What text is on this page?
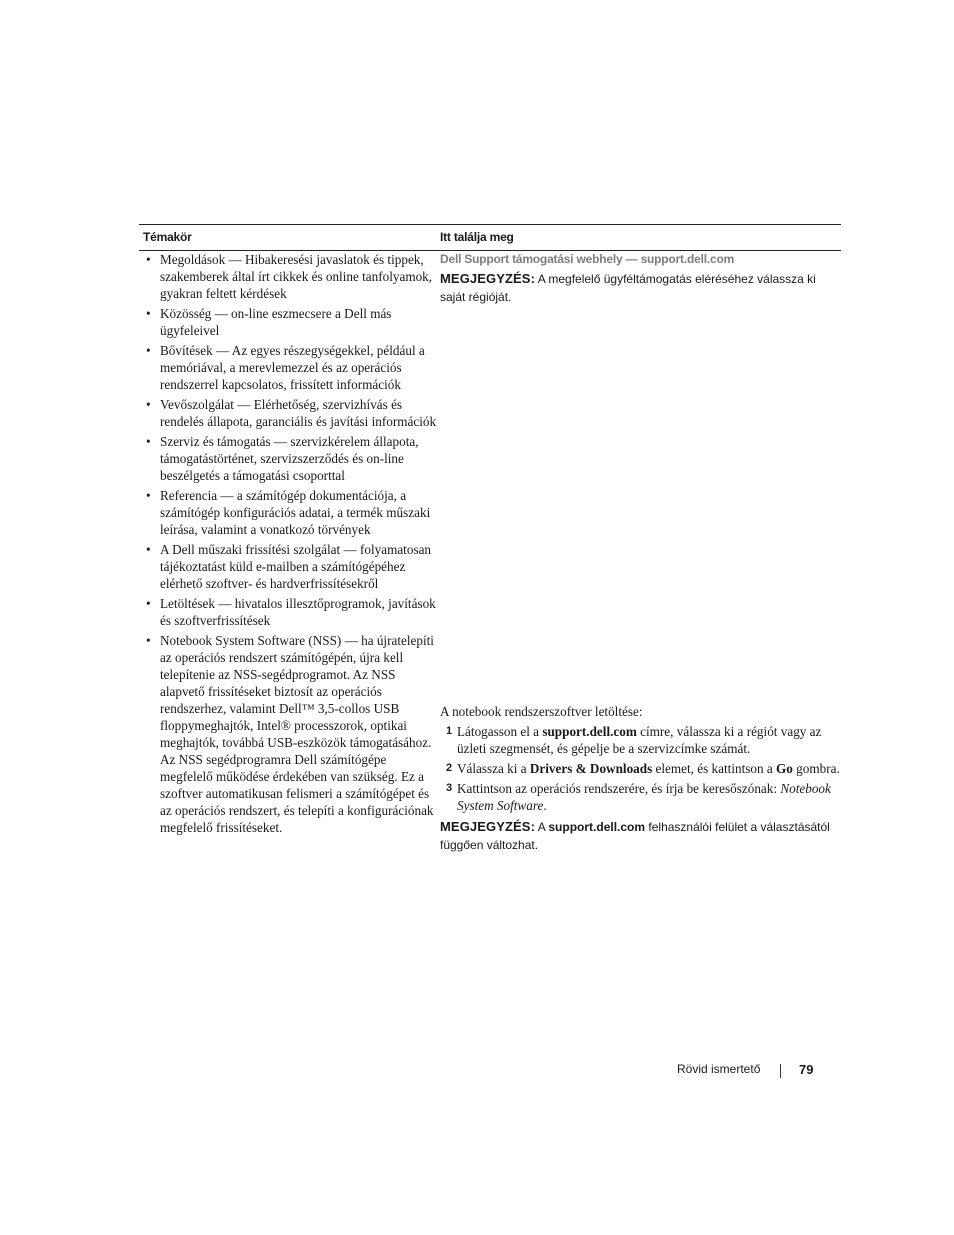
Témakör	Itt találja meg
• Megoldások — Hibakeresési javaslatok és tippek, szakemberek által írt cikkek és online tanfolyamok, gyakran feltett kérdések
• Közösség — on-line eszmecsere a Dell más ügyfeleivel
• Bővítések — Az egyes részegységekkel, például a memóriával, a merevlemezzel és az operációs rendszerrel kapcsolatos, frissített információk
• Vevőszolgálat — Elérhetőség, szervizhívás és rendelés állapota, garanciális és javítási információk
• Szerviz és támogatás — szervizkérelem állapota, támogatástörténet, szervizszerződés és on-line beszélgetés a támogatási csoporttal
• Referencia — a számítógép dokumentációja, a számítógép konfigurációs adatai, a termék műszaki leírása, valamint a vonatkozó törvények
• A Dell műszaki frissítési szolgálat — folyamatosan tájékoztatást küld e-mailben a számítógépéhez elérhető szoftver- és hardverfrissítésekről
• Letöltések — hivatalos illesztőprogramok, javítások és szoftverfrissítések
• Notebook System Software (NSS) — ha újratelepíti az operációs rendszert számítógépén, újra kell telepítenie az NSS-segédprogramot. Az NSS alapvető frissítéseket biztosít az operációs rendszerhez, valamint Dell™ 3,5-collos USB floppymeghajtók, Intel® processzorok, optikai meghajtók, továbbá USB-eszközök támogatásához. Az NSS segédprogramra Dell számítógépe megfelelő működése érdekében van szükség. Ez a szoftver automatikusan felismeri a számítógépet és az operációs rendszert, és telepíti a konfigurációnak megfelelő frissítéseket.
Dell Support támogatási webhely — support.dell.com
MEGJEGYZÉS: A megfelelő ügyféltámogatás eléréséhez válassza ki saját régióját.
A notebook rendszerszoftver letöltése:
1 Látogasson el a support.dell.com címre, válassza ki a régiót vagy az üzleti szegmensét, és gépelje be a szervizcímke számát.
2 Válassza ki a Drivers & Downloads elemet, és kattintson a Go gombra.
3 Kattintson az operációs rendszerére, és írja be keresőszónak: Notebook System Software.
MEGJEGYZÉS: A support.dell.com felhasználói felület a választásától függően változhat.
Rövid ismertető	79
